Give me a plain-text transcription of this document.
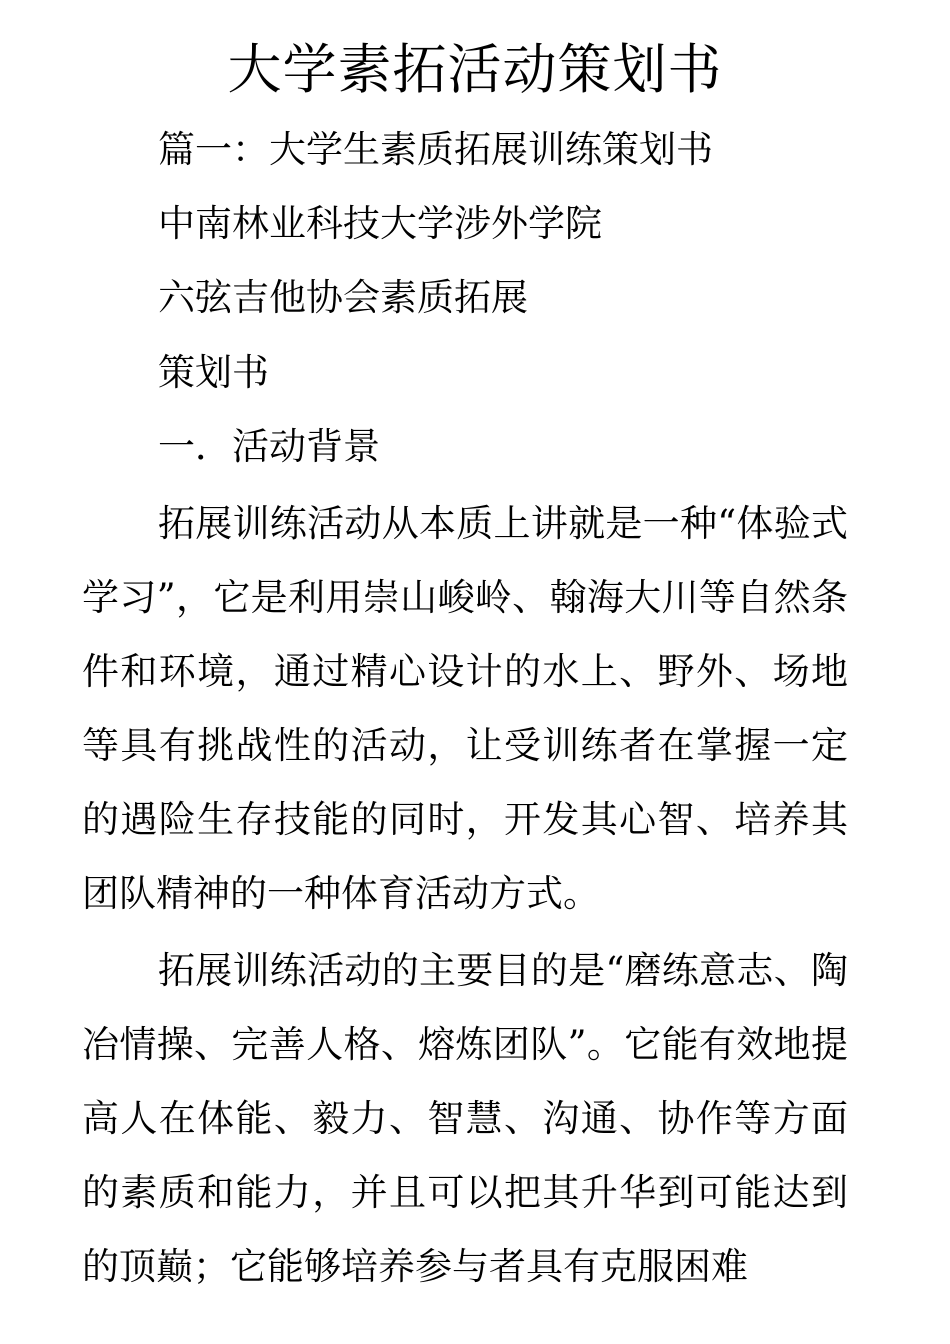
大学素拓活动策划书
篇一：大学生素质拓展训练策划书
中南林业科技大学涉外学院
六弦吉他协会素质拓展
策划书
一．活动背景

拓展训练活动从本质上讲就是一种“体验式学习”，它是利用崇山峻岭、翰海大川等自然条件和环境，通过精心设计的水上、野外、场地等具有挑战性的活动，让受训练者在掌握一定的遇险生存技能的同时，开发其心智、培养其团队精神的一种体育活动方式。

拓展训练活动的主要目的是“磨练意志、陶冶情操、完善人格、熔炼团队”。它能有效地提高人在体能、毅力、智慧、沟通、协作等方面的素质和能力，并且可以把其升华到可能达到的顶巅；它能够培养参与者具有克服困难
